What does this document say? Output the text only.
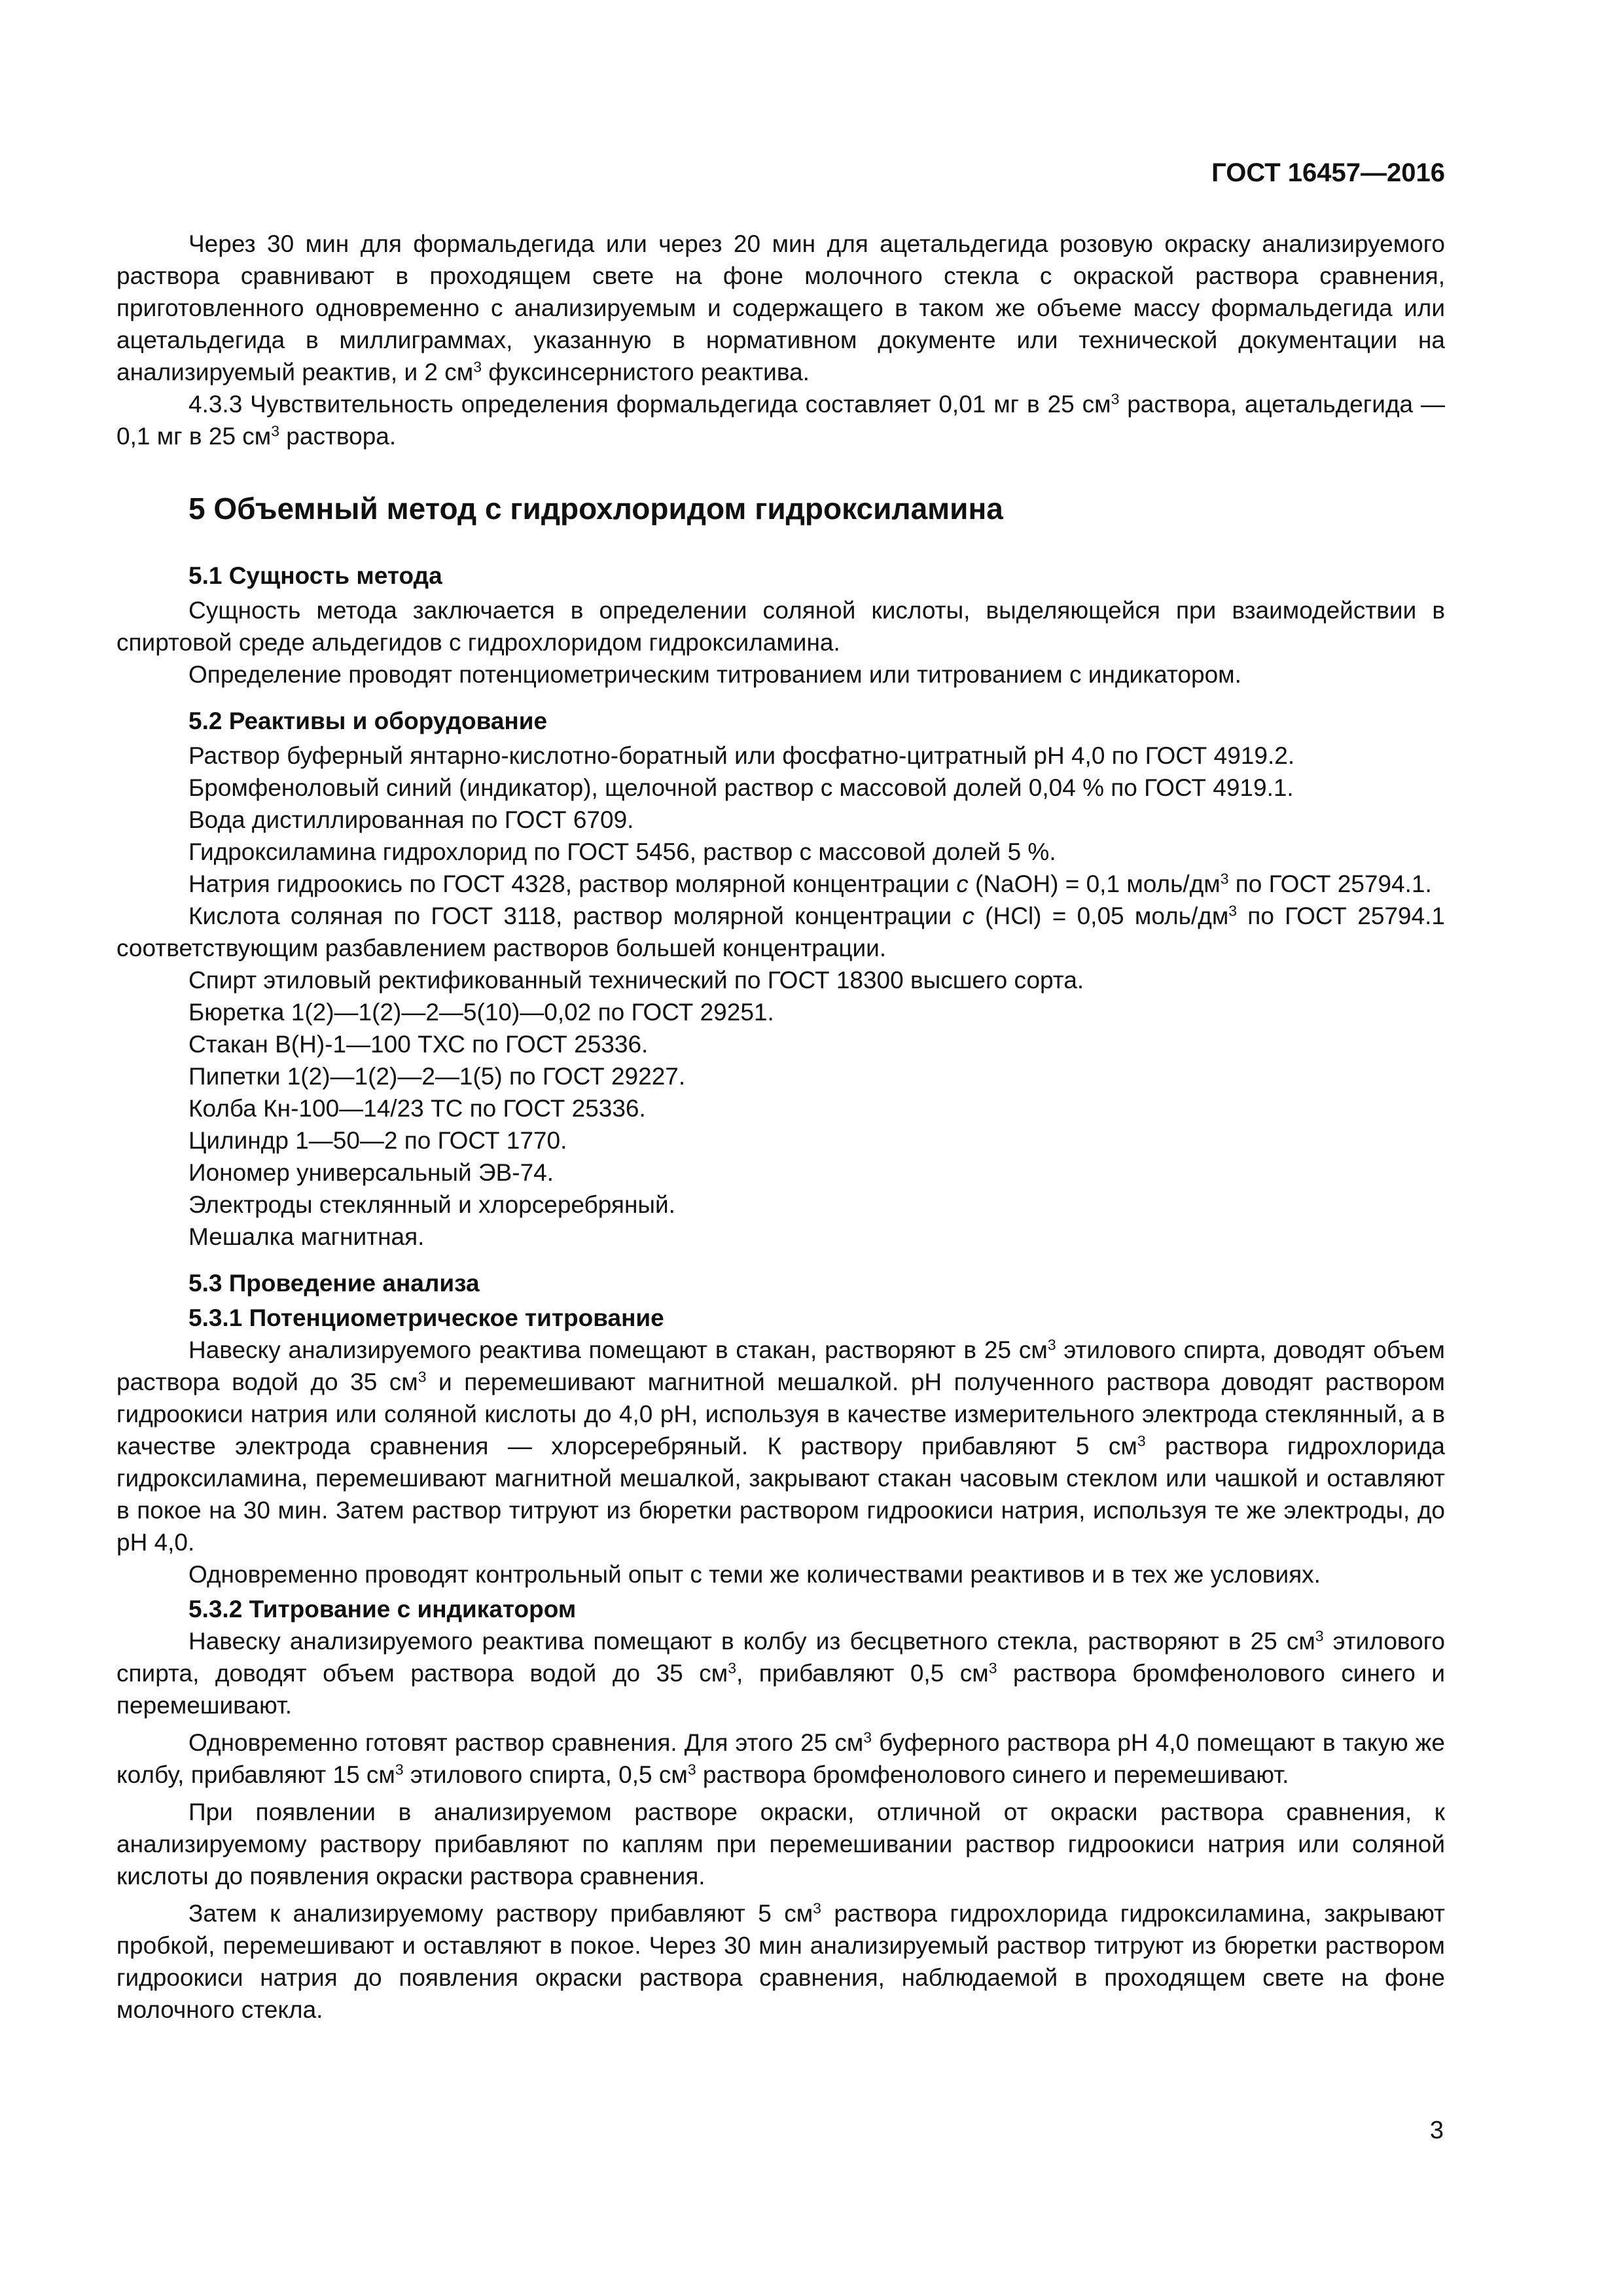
ГОСТ 16457—2016

Через 30 мин для формальдегида или через 20 мин для ацетальдегида розовую окраску анализируемого раствора сравнивают в проходящем свете на фоне молочного стекла с окраской раствора сравнения, приготовленного одновременно с анализируемым и содержащего в таком же объеме массу формальдегида или ацетальдегида в миллиграммах, указанную в нормативном документе или технической документации на анализируемый реактив, и 2 $см^3$ фуксинсернистого реактива.

4.3.3 Чувствительность определения формальдегида составляет 0,01 мг в 25 $см^3$ раствора, ацетальдегида — 0,1 мг в 25 $см^3$ раствора.

5 Объемный метод с гидрохлоридом гидроксиламина
5.1 Сущность метода

Сущность метода заключается в определении соляной кислоты, выделяющейся при взаимодействии в спиртовой среде альдегидов с гидрохлоридом гидроксиламина.

Определение проводят потенциометрическим титрованием или титрованием с индикатором.

5.2 Реактивы и оборудование

Раствор буферный янтарно-кислотно-боратный или фосфатно-цитратный pH 4,0 по ГОСТ 4919.2.

Бромфеноловый синий (индикатор), щелочной раствор с массовой долей 0,04 % по ГОСТ 4919.1.

Вода дистиллированная по ГОСТ 6709.

Гидроксиламина гидрохлорид по ГОСТ 5456, раствор с массовой долей 5 %.

Натрия гидроокись по ГОСТ 4328, раствор молярной концентрации c (NaOH) = 0,1 моль/$дм^3$ по ГОСТ 25794.1.

Кислота соляная по ГОСТ 3118, раствор молярной концентрации c (HCl) = 0,05 моль/$дм^3$ по ГОСТ 25794.1 соответствующим разбавлением растворов большей концентрации.

Спирт этиловый ректификованный технический по ГОСТ 18300 высшего сорта.

Бюретка 1(2)—1(2)—2—5(10)—0,02 по ГОСТ 29251.

Стакан В(Н)-1—100 ТХС по ГОСТ 25336.

Пипетки 1(2)—1(2)—2—1(5) по ГОСТ 29227.

Колба Кн-100—14/23 ТС по ГОСТ 25336.

Цилиндр 1—50—2 по ГОСТ 1770.

Иономер универсальный ЭВ-74.

Электроды стеклянный и хлорсеребряный.

Мешалка магнитная.

5.3 Проведение анализа
5.3.1 Потенциометрическое титрование

Навеску анализируемого реактива помещают в стакан, растворяют в 25 $см^3$ этилового спирта, доводят объем раствора водой до 35 $см^3$ и перемешивают магнитной мешалкой. pH полученного раствора доводят раствором гидроокиси натрия или соляной кислоты до 4,0 pH, используя в качестве измерительного электрода стеклянный, а в качестве электрода сравнения — хлорсеребряный. К раствору прибавляют 5 $см^3$ раствора гидрохлорида гидроксиламина, перемешивают магнитной мешалкой, закрывают стакан часовым стеклом или чашкой и оставляют в покое на 30 мин. Затем раствор титруют из бюретки раствором гидроокиси натрия, используя те же электроды, до pH 4,0.

Одновременно проводят контрольный опыт с теми же количествами реактивов и в тех же условиях.

5.3.2 Титрование с индикатором

Навеску анализируемого реактива помещают в колбу из бесцветного стекла, растворяют в 25 $см^3$ этилового спирта, доводят объем раствора водой до 35 $см^3$, прибавляют 0,5 $см^3$ раствора бромфенолового синего и перемешивают.

Одновременно готовят раствор сравнения. Для этого 25 $см^3$ буферного раствора pH 4,0 помещают в такую же колбу, прибавляют 15 $см^3$ этилового спирта, 0,5 $см^3$ раствора бромфенолового синего и перемешивают.

При появлении в анализируемом растворе окраски, отличной от окраски раствора сравнения, к анализируемому раствору прибавляют по каплям при перемешивании раствор гидроокиси натрия или соляной кислоты до появления окраски раствора сравнения.

Затем к анализируемому раствору прибавляют 5 $см^3$ раствора гидрохлорида гидроксиламина, закрывают пробкой, перемешивают и оставляют в покое. Через 30 мин анализируемый раствор титруют из бюретки раствором гидроокиси натрия до появления окраски раствора сравнения, наблюдаемой в проходящем свете на фоне молочного стекла.

3
